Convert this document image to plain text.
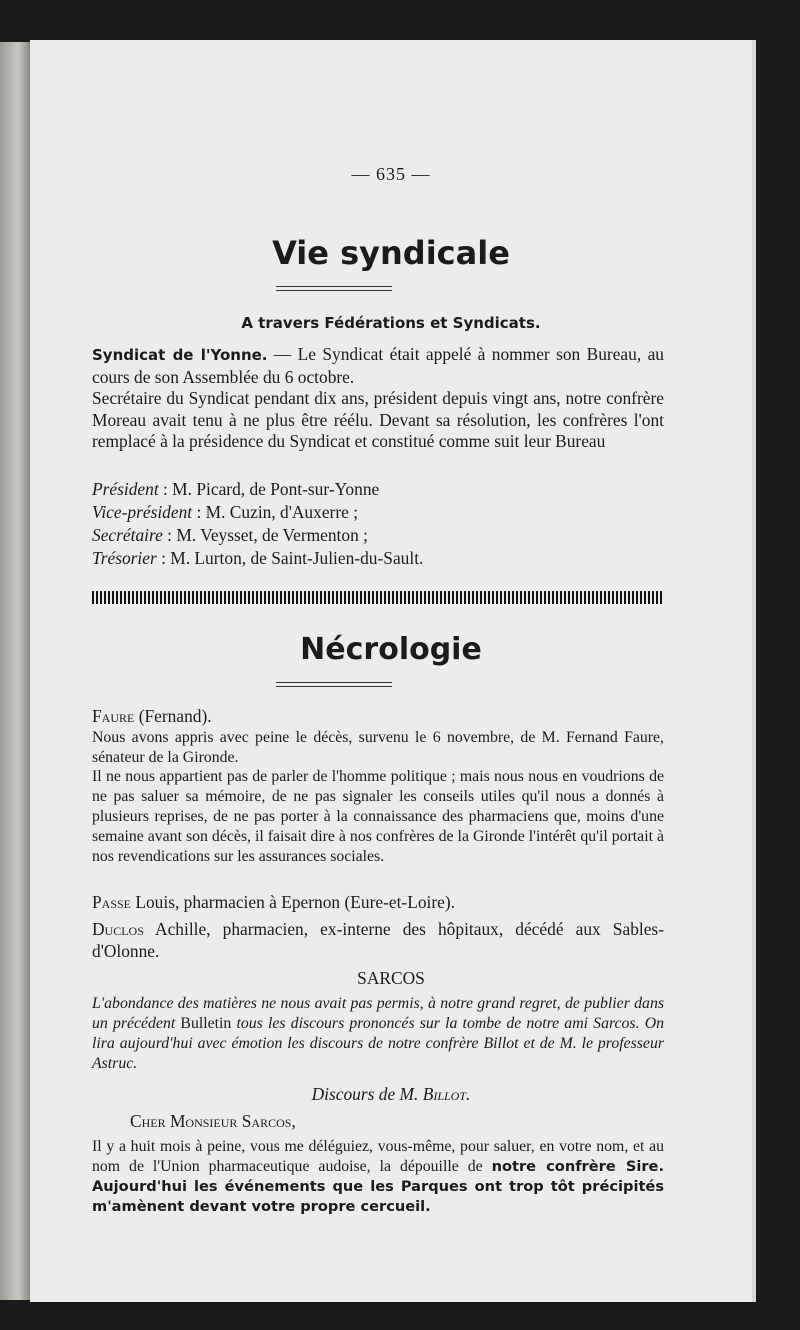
— 635 —
Vie syndicale
A travers Fédérations et Syndicats.

Syndicat de l'Yonne. — Le Syndicat était appelé à nommer son Bureau, au cours de son Assemblée du 6 octobre.

Secrétaire du Syndicat pendant dix ans, président depuis vingt ans, notre confrère Moreau avait tenu à ne plus être réélu. Devant sa résolution, les confrères l'ont remplacé à la présidence du Syndicat et constitué comme suit leur Bureau

Président : M. Picard, de Pont-sur-Yonne
Vice-président : M. Cuzin, d'Auxerre ;
Secrétaire : M. Veysset, de Vermenton ;
Trésorier : M. Lurton, de Saint-Julien-du-Sault.
Nécrologie
Faure (Fernand).

Nous avons appris avec peine le décès, survenu le 6 novembre, de M. Fernand Faure, sénateur de la Gironde.

Il ne nous appartient pas de parler de l'homme politique ; mais nous nous en voudrions de ne pas saluer sa mémoire, de ne pas signaler les conseils utiles qu'il nous a donnés à plusieurs reprises, de ne pas porter à la connaissance des pharmaciens que, moins d'une semaine avant son décès, il faisait dire à nos confrères de la Gironde l'intérêt qu'il portait à nos revendications sur les assurances sociales.

Passe Louis, pharmacien à Epernon (Eure-et-Loire).

Duclos Achille, pharmacien, ex-interne des hôpitaux, décédé aux Sables-d'Olonne.

SARCOS

L'abondance des matières ne nous avait pas permis, à notre grand regret, de publier dans un précédent Bulletin tous les discours prononcés sur la tombe de notre ami Sarcos. On lira aujourd'hui avec émotion les discours de notre confrère Billot et de M. le professeur Astruc.

Discours de M. Billot.
Cher Monsieur Sarcos,

Il y a huit mois à peine, vous me déléguiez, vous-même, pour saluer, en votre nom, et au nom de l'Union pharmaceutique audoise, la dépouille de notre confrère Sire. Aujourd'hui les événements que les Parques ont trop tôt précipités m'amènent devant votre propre cercueil.
